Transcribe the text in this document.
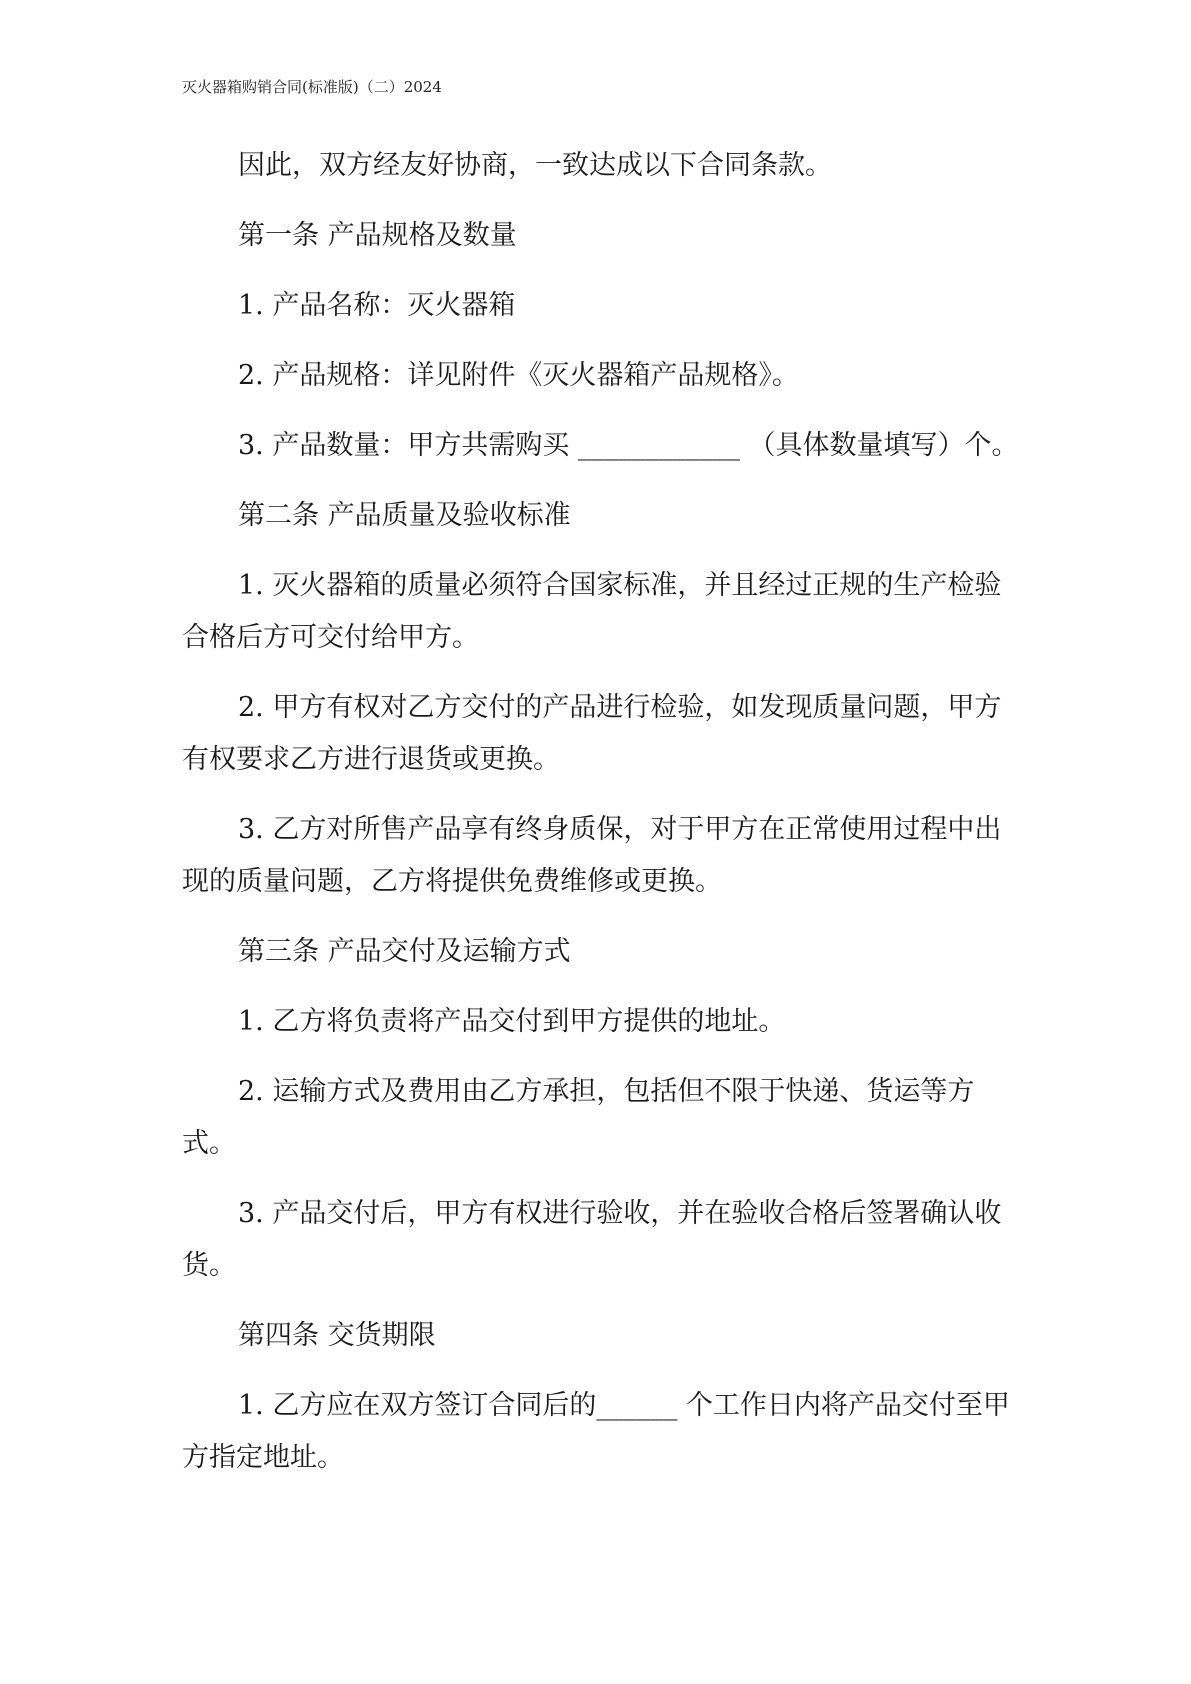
灭火器箱购销合同(标准版)（二）2024

因此，双方经友好协商，一致达成以下合同条款。

第一条 产品规格及数量

1. 产品名称：灭火器箱

2. 产品规格：详见附件《灭火器箱产品规格》。

3. 产品数量：甲方共需购买 ____________ （具体数量填写）个。

第二条 产品质量及验收标准

1. 灭火器箱的质量必须符合国家标准，并且经过正规的生产检验合格后方可交付给甲方。

2. 甲方有权对乙方交付的产品进行检验，如发现质量问题，甲方有权要求乙方进行退货或更换。

3. 乙方对所售产品享有终身质保，对于甲方在正常使用过程中出现的质量问题，乙方将提供免费维修或更换。

第三条 产品交付及运输方式

1. 乙方将负责将产品交付到甲方提供的地址。

2. 运输方式及费用由乙方承担，包括但不限于快递、货运等方式。

3. 产品交付后，甲方有权进行验收，并在验收合格后签署确认收货。

第四条 交货期限

1. 乙方应在双方签订合同后的______ 个工作日内将产品交付至甲方指定地址。
